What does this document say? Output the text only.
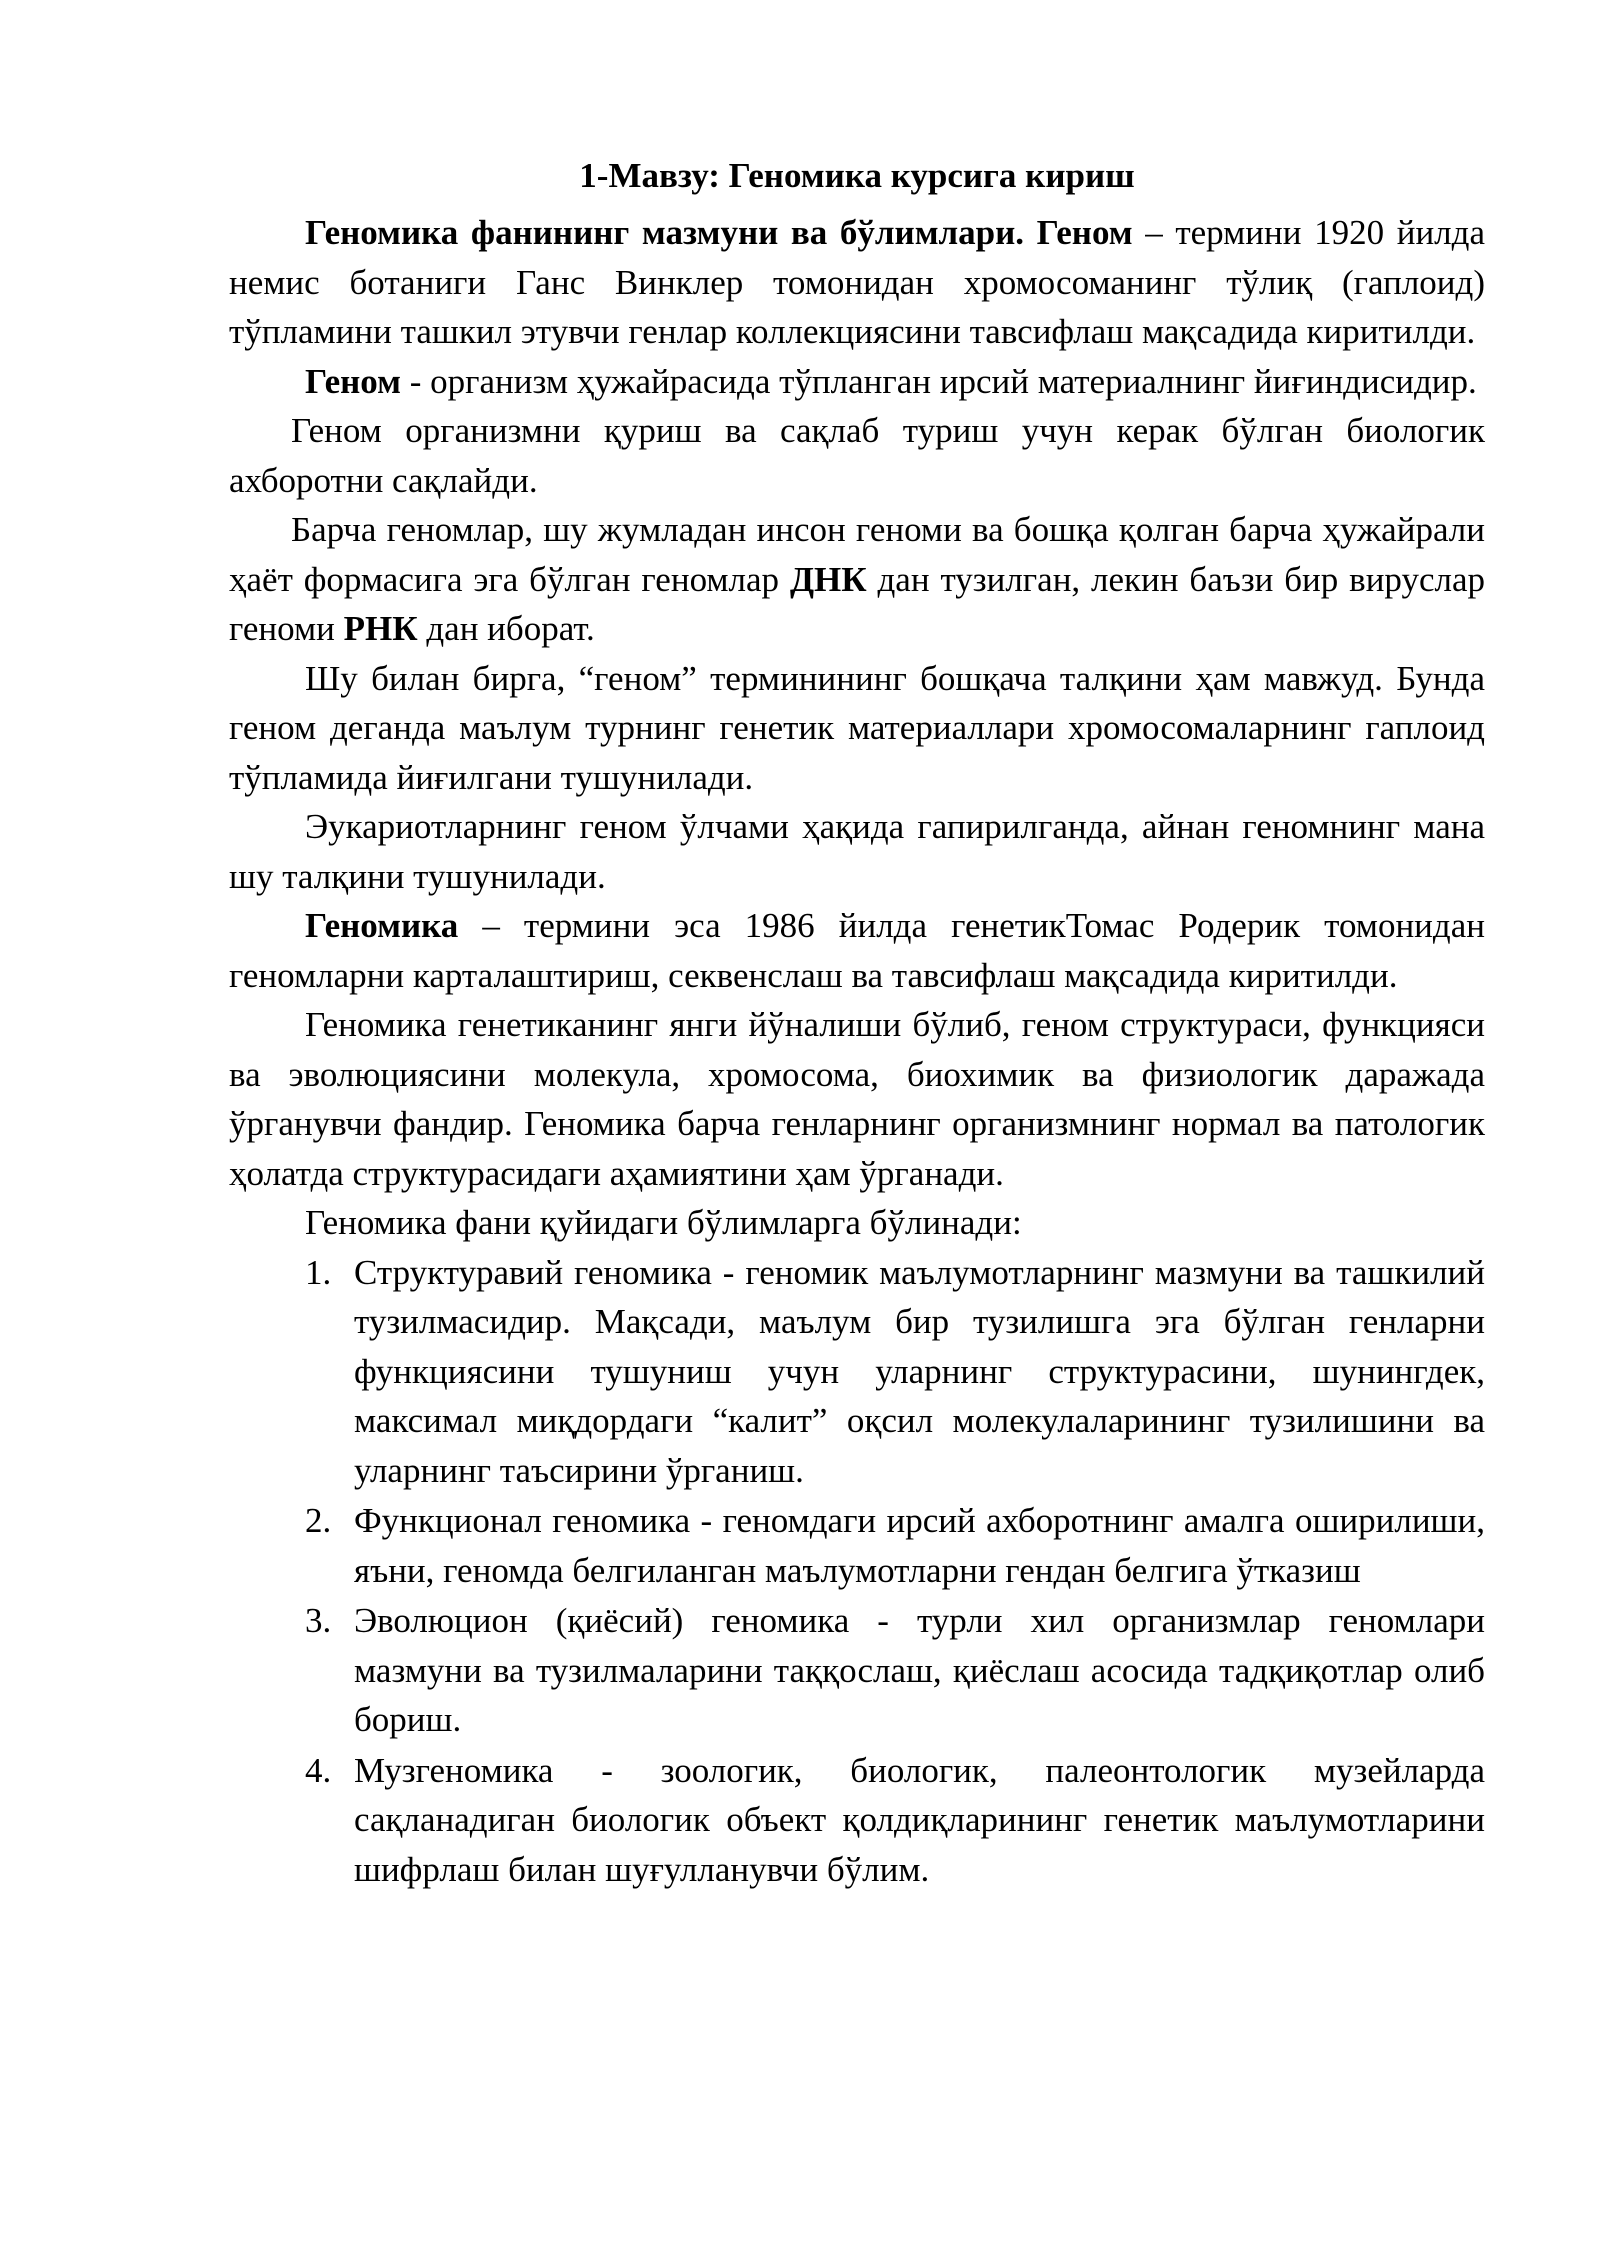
1-Мавзу: Геномика курсига кириш

Геномика фанининг мазмуни ва бўлимлари. Геном – термини 1920 йилда немис ботаниги Ганс Винклер томонидан хромосоманинг тўлиқ (гаплоид) тўпламини ташкил этувчи генлар коллекциясини тавсифлаш мақсадида киритилди.

Геном - организм ҳужайрасида тўпланган ирсий материалнинг йиғиндисидир.

Геном организмни қуриш ва сақлаб туриш учун керак бўлган биологик ахборотни сақлайди.

Барча геномлар, шу жумладан инсон геноми ва бошқа қолган барча ҳужайрали ҳаёт формасига эга бўлган геномлар ДНК дан тузилган, лекин баъзи бир вируслар геноми РНК дан иборат.

Шу билан бирга, “геном” терминининг бошқача талқини ҳам мавжуд. Бунда геном деганда маълум турнинг генетик материаллари хромосомаларнинг гаплоид тўпламида йиғилгани тушунилади.

Эукариотларнинг геном ўлчами ҳақида гапирилганда, айнан геномнинг мана шу талқини тушунилади.

Геномика – термини эса 1986 йилда генетикТомас Родерик томонидан геномларни карталаштириш, секвенслаш ва тавсифлаш мақсадида киритилди.

Геномика генетиканинг янги йўналиши бўлиб, геном структураси, функцияси ва эволюциясини молекула, хромосома, биохимик ва физиологик даражада ўрганувчи фандир. Геномика барча генларнинг организмнинг нормал ва патологик ҳолатда структурасидаги аҳамиятини ҳам ўрганади.

Геномика фани қуйидаги бўлимларга бўлинади:

1. Структуравий геномика - геномик маълумотларнинг мазмуни ва ташкилий тузилмасидир. Мақсади, маълум бир тузилишга эга бўлган генларни функциясини тушуниш учун уларнинг структурасини, шунингдек, максимал миқдордаги “калит” оқсил молекулаларининг тузилишини ва уларнинг таъсирини ўрганиш.
2. Функционал геномика - геномдаги ирсий ахборотнинг амалга оширилиши, яъни, геномда белгиланган маълумотларни гендан белгига ўтказиш
3. Эволюцион (қиёсий) геномика - турли хил организмлар геномлари мазмуни ва тузилмаларини таққослаш, қиёслаш асосида тадқиқотлар олиб бориш.
4. Музгеномика - зоологик, биологик, палеонтологик музейларда сақланадиган биологик объект қолдиқларининг генетик маълумотларини шифрлаш билан шуғулланувчи бўлим.
